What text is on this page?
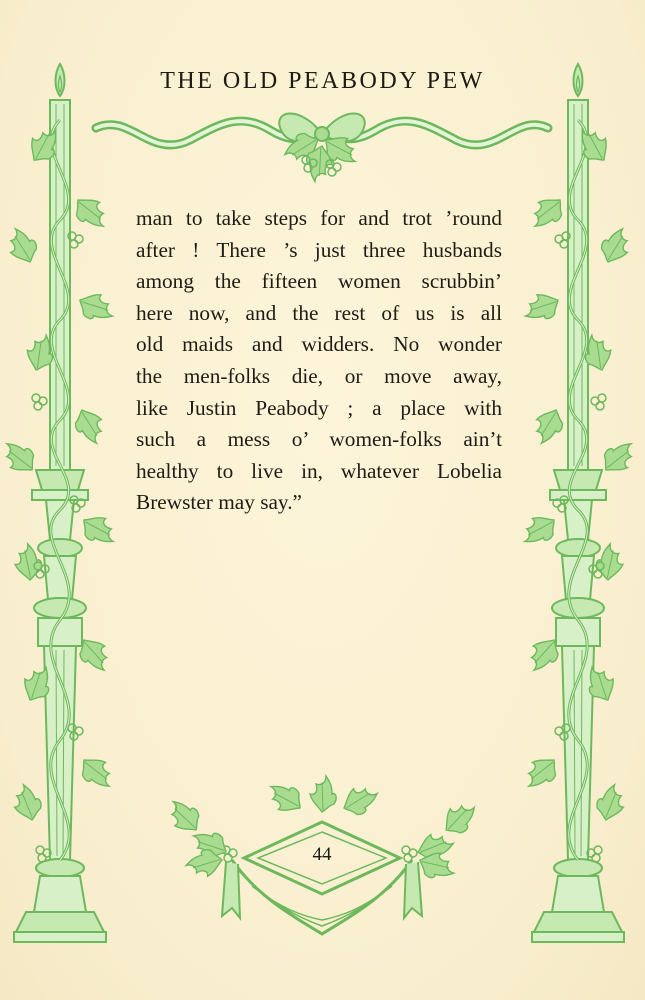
THE OLD PEABODY PEW
man to take steps for and trot ’round
after ! There ’s just three husbands
among the fifteen women scrubbin’
here now, and the rest of us is all
old maids and widders. No wonder
the men-folks die, or move away,
like Justin Peabody ; a place with
such a mess o’ women-folks ain’t
healthy to live in, whatever Lobelia
Brewster may say.”
44
